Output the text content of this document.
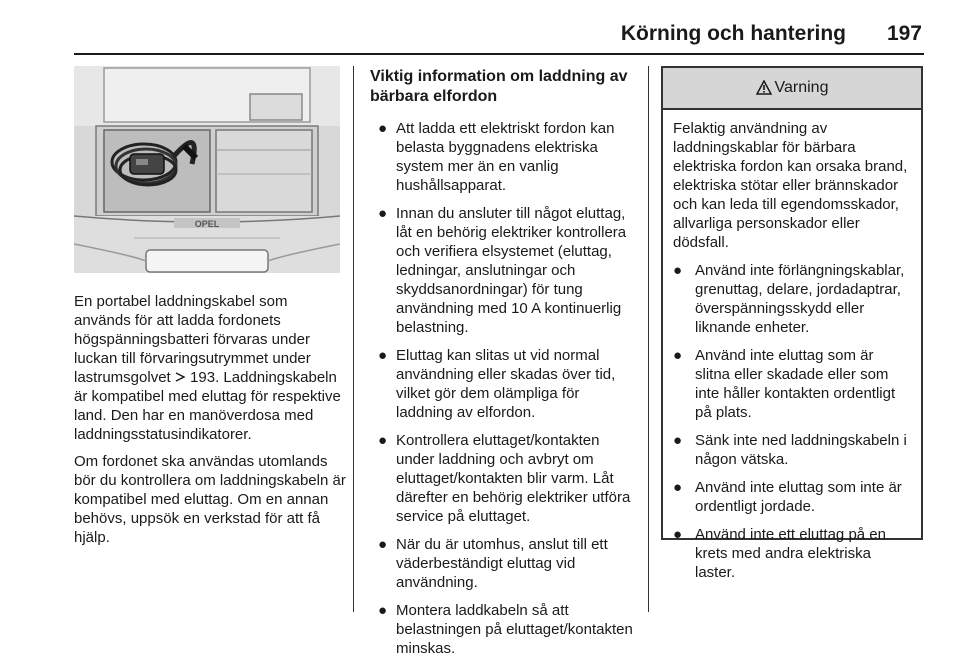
Körning och hantering 197
OPEL

En portabel laddningskabel som används för att ladda fordonets högspänningsbatteri förvaras under luckan till förvaringsutrymmet under lastrumsgolvet 193. Laddningskabeln är kompatibel med eluttag för respektive land. Den har en manöverdosa med laddningsstatusindikatorer.

Om fordonet ska användas utomlands bör du kontrollera om laddningskabeln är kompatibel med eluttag. Om en annan behövs, uppsök en verkstad för att få hjälp.

Viktig information om laddning av bärbara elfordon
● Att ladda ett elektriskt fordon kan belasta byggnadens elektriska system mer än en vanlig hushållsapparat.
● Innan du ansluter till något eluttag, låt en behörig elektriker kontrollera och verifiera elsystemet (eluttag, ledningar, anslutningar och skyddsanordningar) för tung användning med 10 A kontinuerlig belastning.
● Eluttag kan slitas ut vid normal användning eller skadas över tid, vilket gör dem olämpliga för laddning av elfordon.
● Kontrollera eluttaget/kontakten under laddning och avbryt om eluttaget/kontakten blir varm. Låt därefter en behörig elektriker utföra service på eluttaget.
● När du är utomhus, anslut till ett väderbeständigt eluttag vid användning.
● Montera laddkabeln så att belastningen på eluttaget/kontakten minskas.
Varning

Felaktig användning av laddningskablar för bärbara elektriska fordon kan orsaka brand, elektriska stötar eller brännskador och kan leda till egendomsskador, allvarliga personskador eller dödsfall.

● Använd inte förlängningskablar, grenuttag, delare, jordadaptrar, överspänningsskydd eller liknande enheter.
● Använd inte eluttag som är slitna eller skadade eller som inte håller kontakten ordentligt på plats.
● Sänk inte ned laddningskabeln i någon vätska.
● Använd inte eluttag som inte är ordentligt jordade.
● Använd inte ett eluttag på en krets med andra elektriska laster.
